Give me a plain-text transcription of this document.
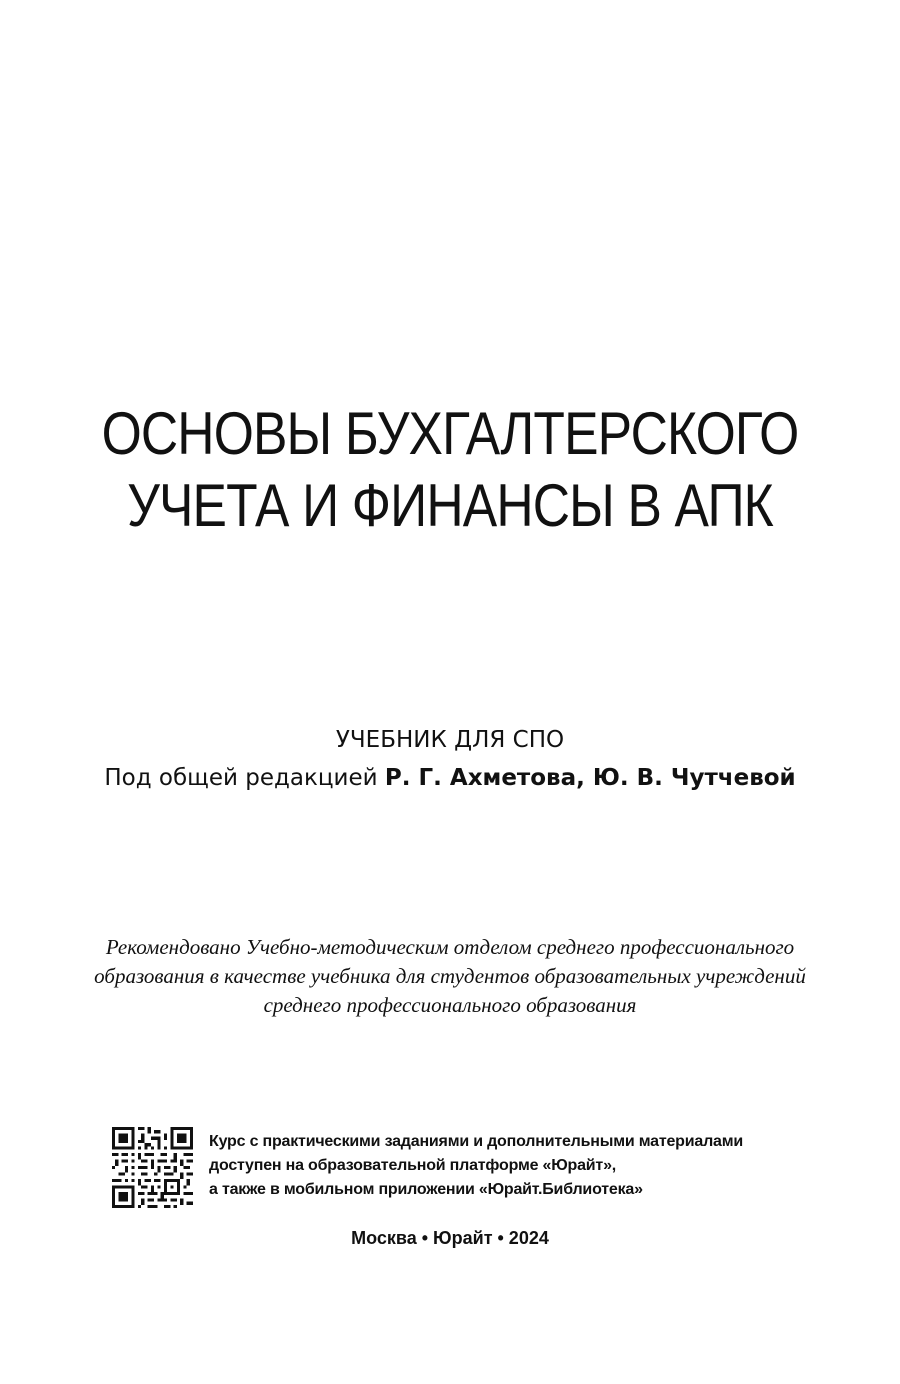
ОСНОВЫ БУХГАЛТЕРСКОГО
УЧЕТА И ФИНАНСЫ В АПК
УЧЕБНИК ДЛЯ СПО
Под общей редакцией Р. Г. Ахметова, Ю. В. Чутчевой
Рекомендовано Учебно-методическим отделом среднего профессионального
образования в качестве учебника для студентов образовательных учреждений
среднего профессионального образования
Курс с практическими заданиями и дополнительными материалами
доступен на образовательной платформе «Юрайт»,
а также в мобильном приложении «Юрайт.Библиотека»
Москва • Юрайт • 2024
